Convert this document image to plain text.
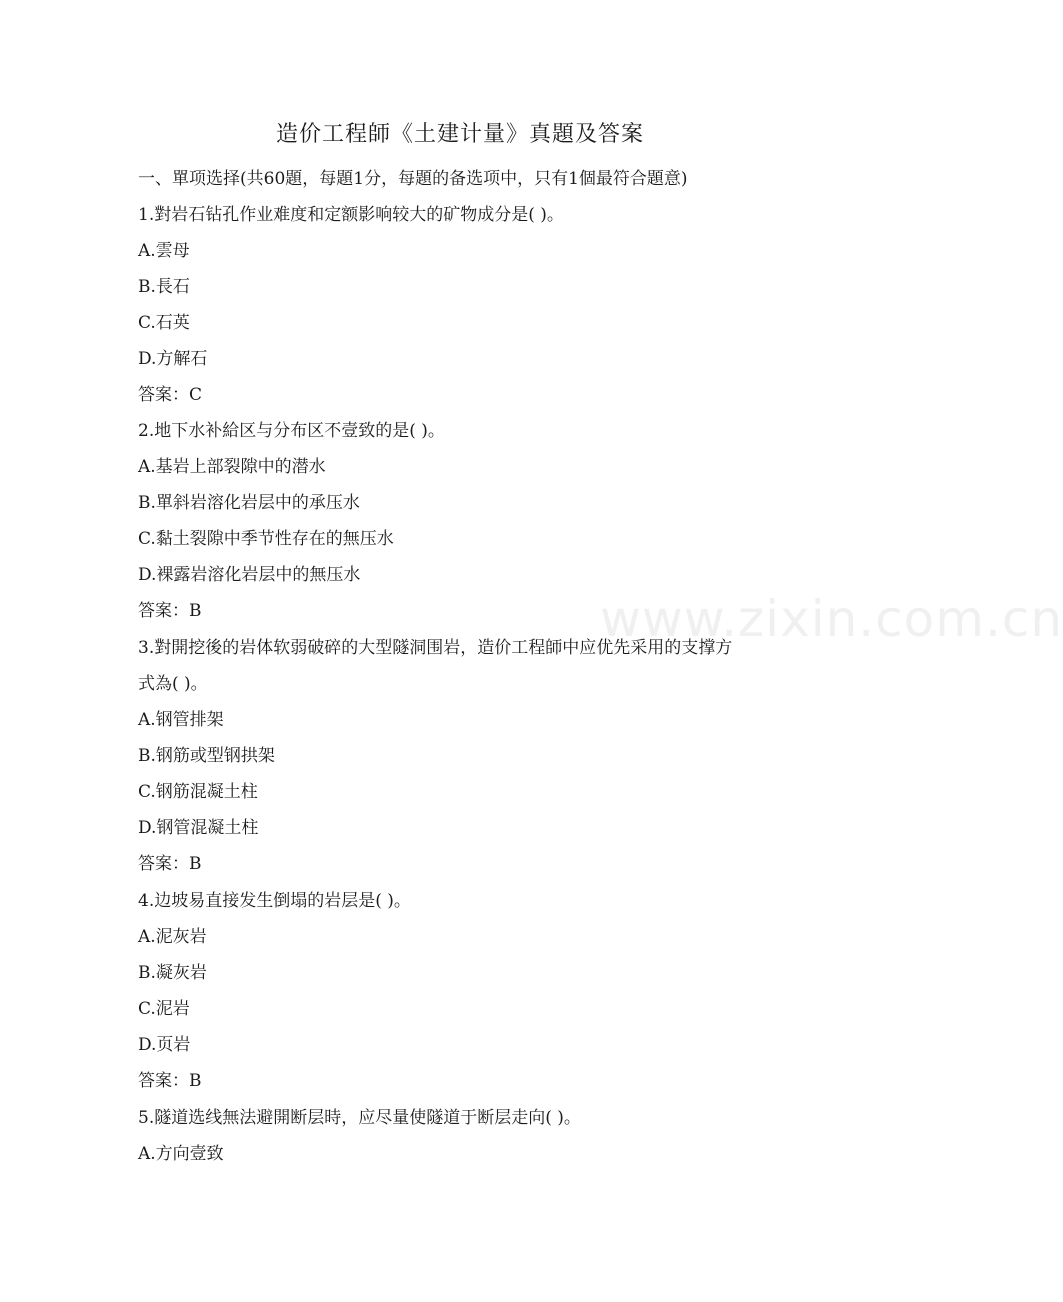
造价工程師《土建计量》真題及答案
一、單项选择(共60題，每題1分，每題的备选项中，只有1個最符合題意)
1.對岩石钻孔作业难度和定额影响较大的矿物成分是( )。
A.雲母
B.長石
C.石英
D.方解石
答案：C
2.地下水补給区与分布区不壹致的是( )。
A.基岩上部裂隙中的潜水
B.單斜岩溶化岩层中的承压水
C.黏土裂隙中季节性存在的無压水
D.裸露岩溶化岩层中的無压水
答案：B
3.對開挖後的岩体软弱破碎的大型隧洞围岩，造价工程師中应优先采用的支撑方
式為( )。
A.钢管排架
B.钢筋或型钢拱架
C.钢筋混凝土柱
D.钢管混凝土柱
答案：B
4.边坡易直接发生倒塌的岩层是( )。
A.泥灰岩
B.凝灰岩
C.泥岩
D.页岩
答案：B
5.隧道选线無法避開断层時，应尽量使隧道于断层走向( )。
A.方向壹致
www.zixin.com.cn
